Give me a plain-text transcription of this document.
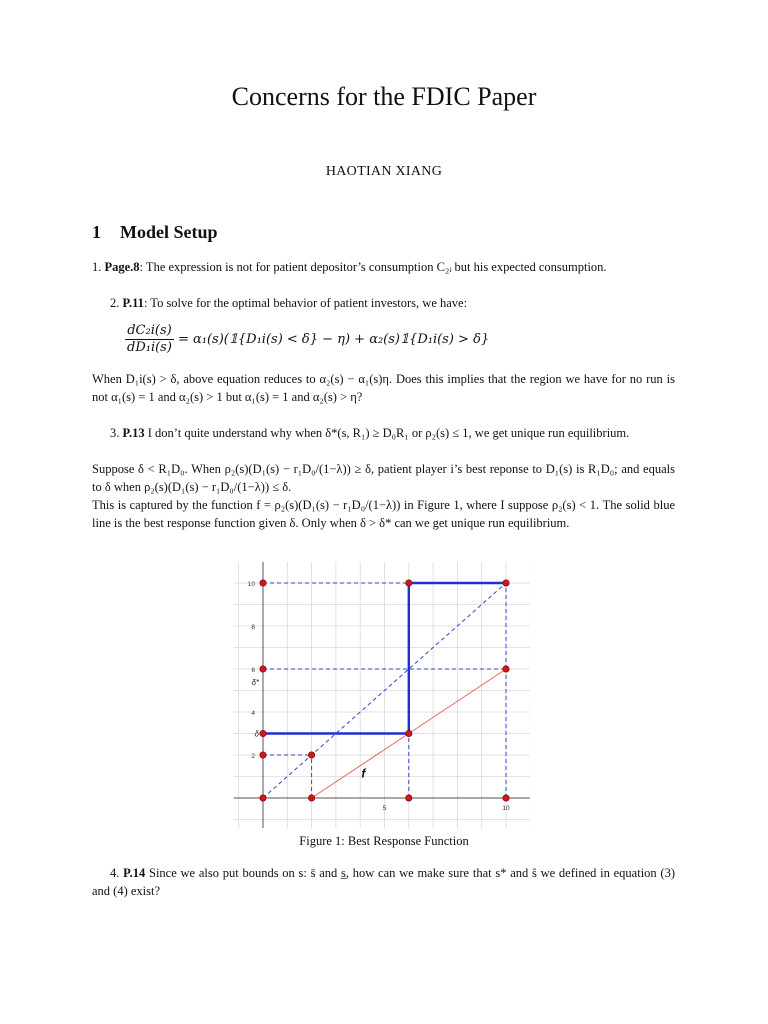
Concerns for the FDIC Paper
HAOTIAN XIANG
1 Model Setup
1. Page.8: The expression is not for patient depositor’s consumption C₂ᵢ but his expected consumption.
2. P.11: To solve for the optimal behavior of patient investors, we have:
$\frac{\text{dC₂i(s)}}{\text{dD₁i(s)}}$ = α₁(s)(𝟙{D₁i(s) < δ} − η) + α₂(s)𝟙{D₁i(s) > δ}
When D₁i(s) > δ, above equation reduces to α₂(s) − α₁(s)η. Does this implies that the region we have for no run is not α₁(s) = 1 and α₂(s) > 1 but α₁(s) = 1 and α₂(s) > η?
3. P.13 I don’t quite understand why when δ*(s, R₁) ≥ D₀R₁ or ρ₂(s) ≤ 1, we get unique run equilibrium.
Suppose δ < R₁D₀. When ρ₂(s)(D₁(s) − r₁D₀/(1−λ)) ≥ δ, patient player i’s best reponse to D₁(s) is R₁D₀; and equals to δ when ρ₂(s)(D₁(s) − r₁D₀/(1−λ)) ≤ δ.
This is captured by the function f = ρ₂(s)(D₁(s) − r₁D₀/(1−λ)) in Figure 1, where I suppose ρ₂(s) < 1. The solid blue line is the best response function given δ. Only when δ > δ* can we get unique run equilibrium.
10
8
6
4
2
5	10
δ*
δ
f
Figure 1: Best Response Function
4. P.14 Since we also put bounds on s: s̄ and s̲, how can we make sure that s* and ŝ we defined in equation (3) and (4) exist?
